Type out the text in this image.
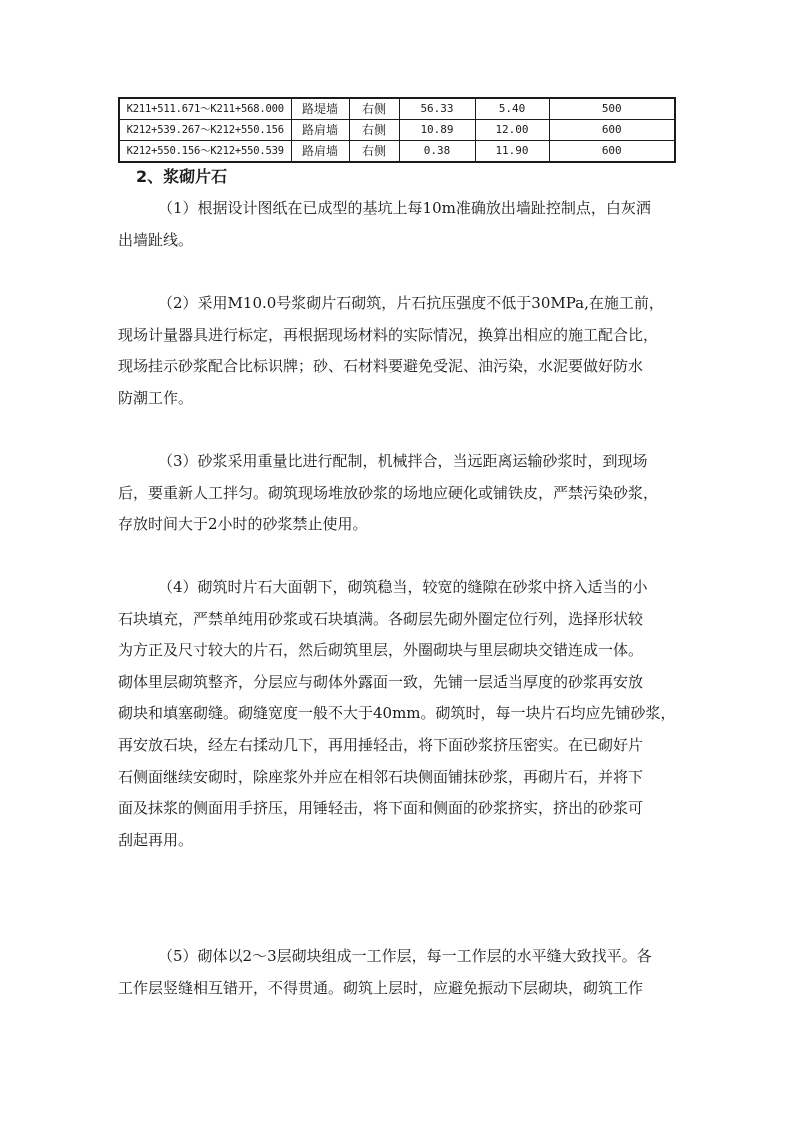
K211+511.671～K211+568.000	路堤墙	右侧	56.33	5.40	500
K212+539.267～K212+550.156	路肩墙	右侧	10.89	12.00	600
K212+550.156～K212+550.539	路肩墙	右侧	0.38	11.90	600
2、浆砌片石
（1）根据设计图纸在已成型的基坑上每10m准确放出墙趾控制点，白灰洒
出墙趾线。
（2）采用M10.0号浆砌片石砌筑，片石抗压强度不低于30MPa,在施工前，
现场计量器具进行标定，再根据现场材料的实际情况，换算出相应的施工配合比，
现场挂示砂浆配合比标识牌；砂、石材料要避免受泥、油污染，水泥要做好防水
防潮工作。
（3）砂浆采用重量比进行配制，机械拌合，当远距离运输砂浆时，到现场
后，要重新人工拌匀。砌筑现场堆放砂浆的场地应硬化或铺铁皮，严禁污染砂浆，
存放时间大于2小时的砂浆禁止使用。
（4）砌筑时片石大面朝下，砌筑稳当，较宽的缝隙在砂浆中挤入适当的小
石块填充，严禁单纯用砂浆或石块填满。各砌层先砌外圈定位行列，选择形状较
为方正及尺寸较大的片石，然后砌筑里层，外圈砌块与里层砌块交错连成一体。
砌体里层砌筑整齐，分层应与砌体外露面一致，先铺一层适当厚度的砂浆再安放
砌块和填塞砌缝。砌缝宽度一般不大于40mm。砌筑时，每一块片石均应先铺砂浆，
再安放石块，经左右揉动几下，再用捶轻击，将下面砂浆挤压密实。在已砌好片
石侧面继续安砌时，除座浆外并应在相邻石块侧面铺抹砂浆，再砌片石，并将下
面及抹浆的侧面用手挤压，用锤轻击，将下面和侧面的砂浆挤实，挤出的砂浆可
刮起再用。
（5）砌体以2～3层砌块组成一工作层，每一工作层的水平缝大致找平。各
工作层竖缝相互错开，不得贯通。砌筑上层时，应避免振动下层砌块，砌筑工作
